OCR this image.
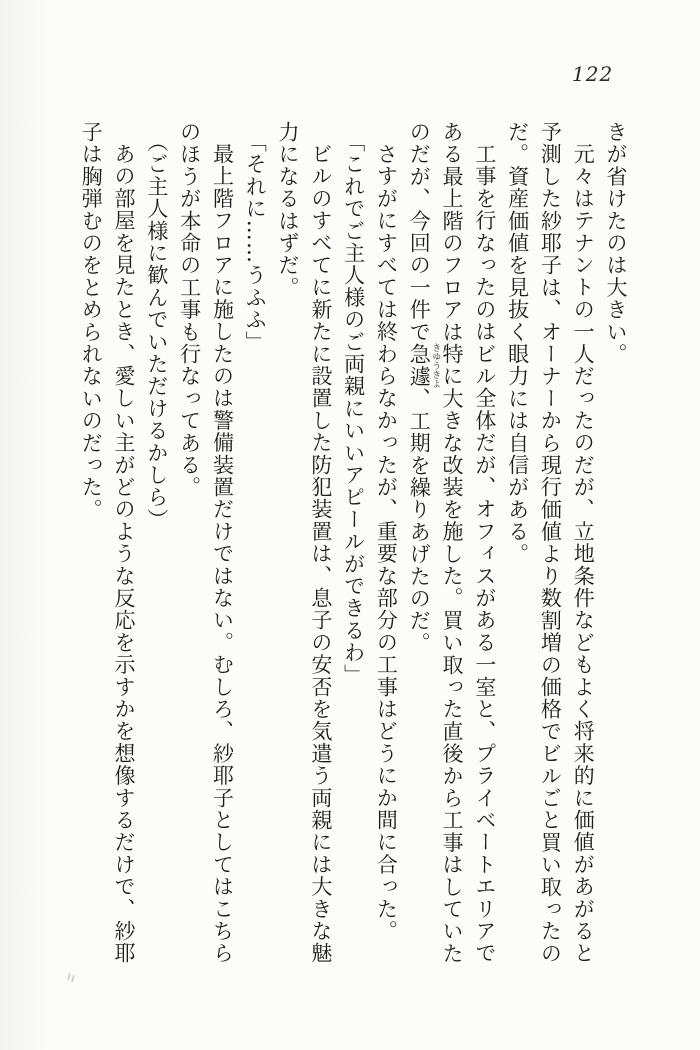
122

きが省けたのは大きい。

元々はテナントの一人だったのだが、立地条件などもよく将来的に価値があがると予測した紗耶子は、オーナーから現行価値より数割増の価格でビルごと買い取ったのだ。資産価値を見抜く眼力には自信がある。

工事を行なったのはビル全体だが、オフィスがある一室と、プライベートエリアである最上階のフロアは特に大きな改装を施した。買い取った直後から工事はしていたのだが、今回の一件で急遽 きゆうきよ、工期を繰りあげたのだ。

さすがにすべては終わらなかったが、重要な部分の工事はどうにか間に合った。

「これでご主人様のご両親にいいアピールができるわ」

ビルのすべてに新たに設置した防犯装置は、息子の安否を気遣う両親には大きな魅力になるはずだ。

「それに……うふふ」

最上階フロアに施したのは警備装置だけではない。むしろ、紗耶子としてはこちらのほうが本命の工事も行なってある。

（ご主人様に歓んでいただけるかしら）

あの部屋を見たとき、愛しい主がどのような反応を示すかを想像するだけで、紗耶子は胸弾むのをとめられないのだった。
